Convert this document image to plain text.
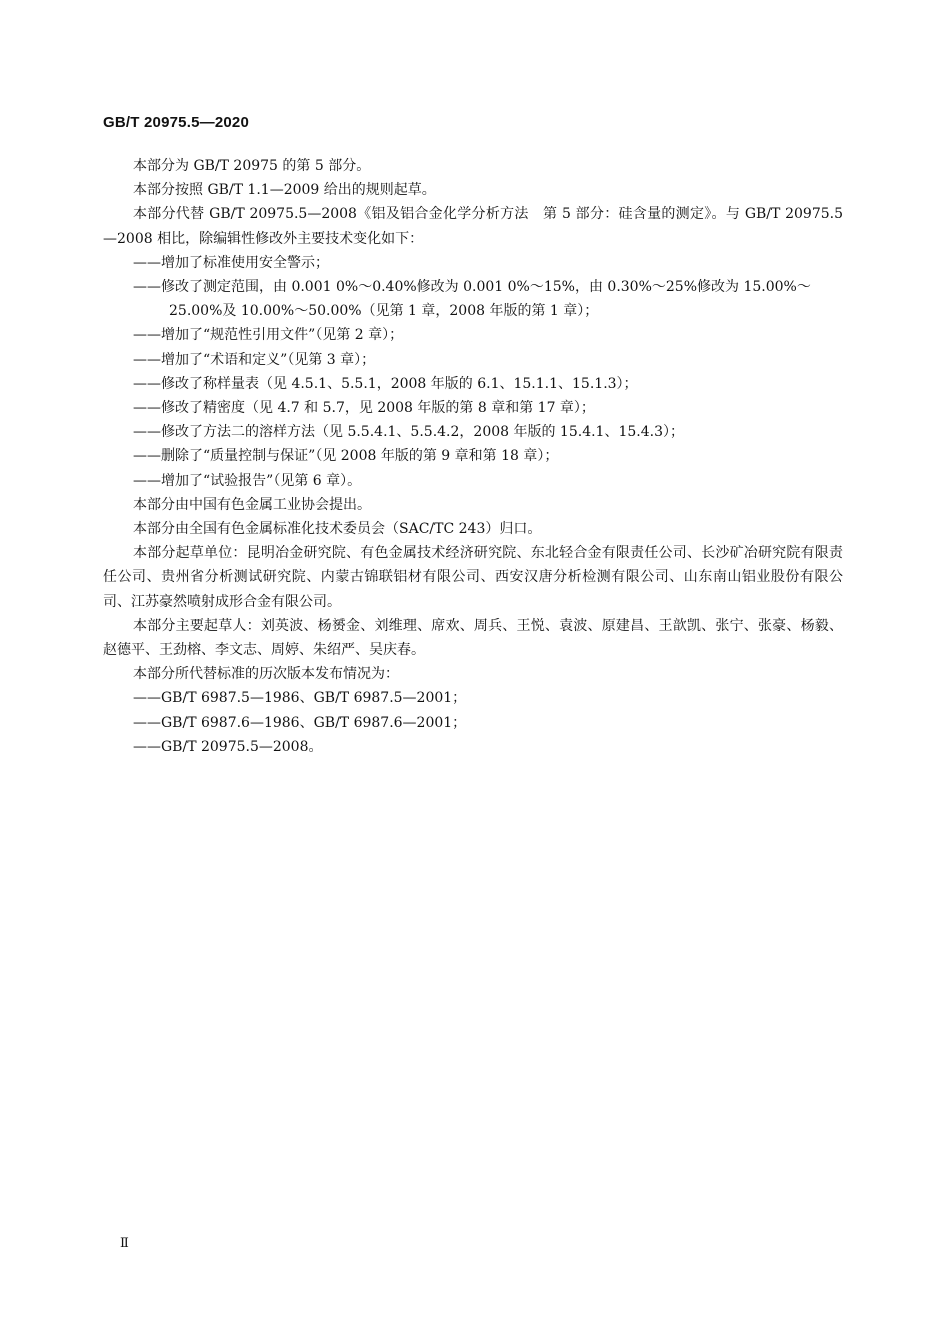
GB/T 20975.5—2020

本部分为 GB/T 20975 的第 5 部分。

本部分按照 GB/T 1.1—2009 给出的规则起草。

本部分代替 GB/T 20975.5—2008《铝及铝合金化学分析方法　第 5 部分：硅含量的测定》。与 GB/T 20975.5—2008 相比，除编辑性修改外主要技术变化如下：

——增加了标准使用安全警示；

——修改了测定范围，由 0.001 0%～0.40%修改为 0.001 0%～15%，由 0.30%～25%修改为 15.00%～25.00%及 10.00%～50.00%（见第 1 章，2008 年版的第 1 章）；

——增加了“规范性引用文件”（见第 2 章）；

——增加了“术语和定义”（见第 3 章）；

——修改了称样量表（见 4.5.1、5.5.1，2008 年版的 6.1、15.1.1、15.1.3）；

——修改了精密度（见 4.7 和 5.7，见 2008 年版的第 8 章和第 17 章）；

——修改了方法二的溶样方法（见 5.5.4.1、5.5.4.2，2008 年版的 15.4.1、15.4.3）；

——删除了“质量控制与保证”（见 2008 年版的第 9 章和第 18 章）；

——增加了“试验报告”（见第 6 章）。

本部分由中国有色金属工业协会提出。

本部分由全国有色金属标准化技术委员会（SAC/TC 243）归口。

本部分起草单位：昆明冶金研究院、有色金属技术经济研究院、东北轻合金有限责任公司、长沙矿冶研究院有限责任公司、贵州省分析测试研究院、内蒙古锦联铝材有限公司、西安汉唐分析检测有限公司、山东南山铝业股份有限公司、江苏豪然喷射成形合金有限公司。

本部分主要起草人：刘英波、杨赟金、刘维理、席欢、周兵、王悦、袁波、原建昌、王歆凯、张宁、张豪、杨毅、赵德平、王劲榕、李文志、周婷、朱绍严、吴庆春。

本部分所代替标准的历次版本发布情况为：

——GB/T 6987.5—1986、GB/T 6987.5—2001；

——GB/T 6987.6—1986、GB/T 6987.6—2001；

——GB/T 20975.5—2008。

Ⅱ
